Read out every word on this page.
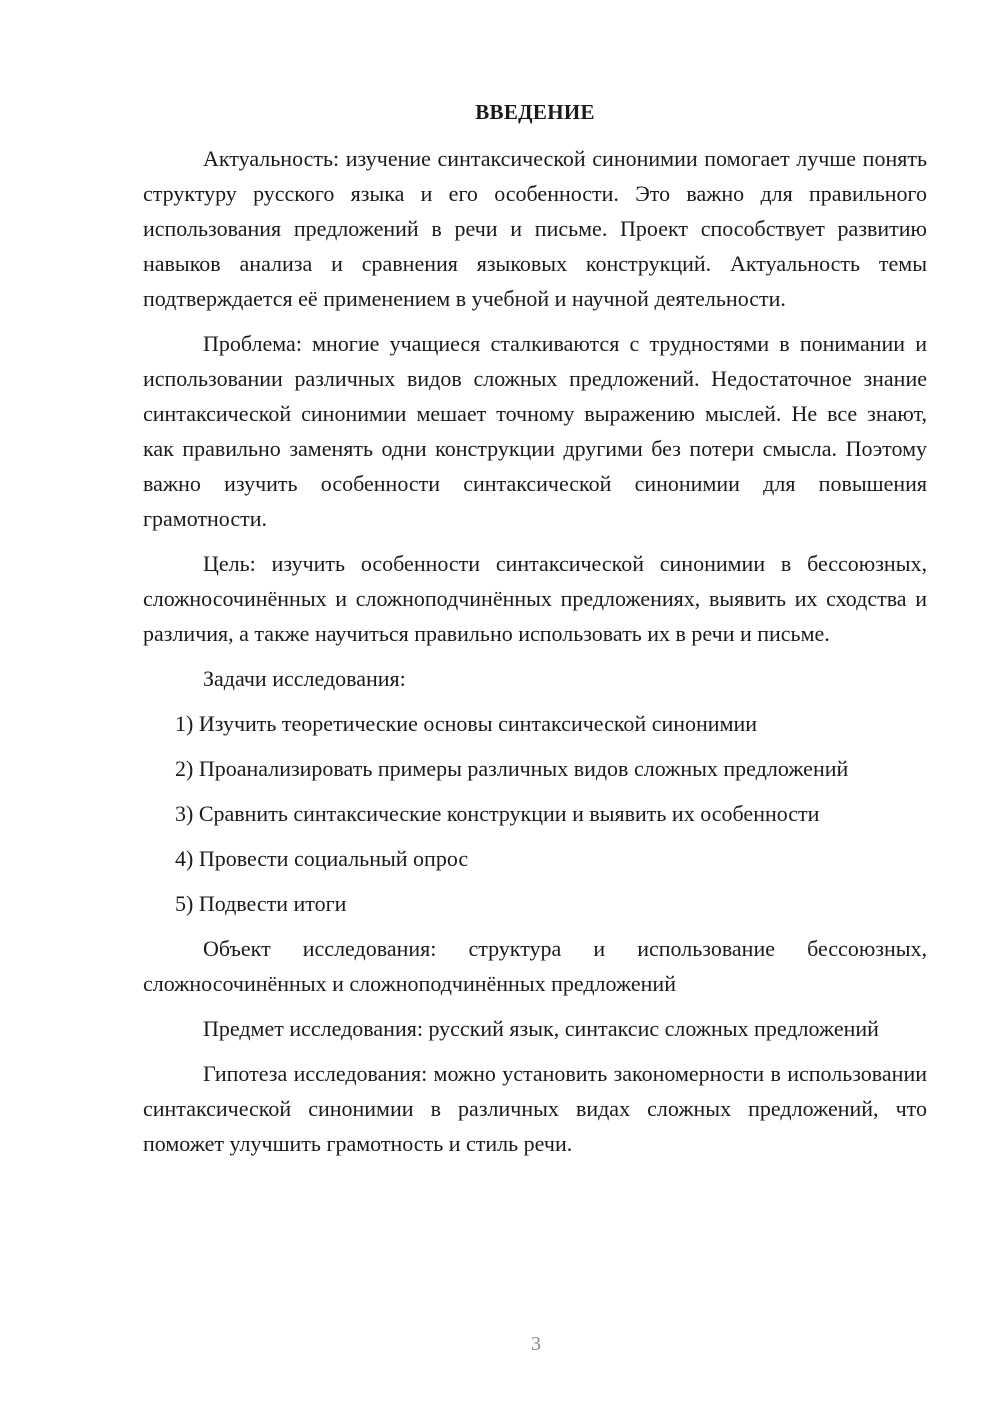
ВВЕДЕНИЕ

Актуальность: изучение синтаксической синонимии помогает лучше понять структуру русского языка и его особенности. Это важно для правильного использования предложений в речи и письме. Проект способствует развитию навыков анализа и сравнения языковых конструкций. Актуальность темы подтверждается её применением в учебной и научной деятельности.

Проблема: многие учащиеся сталкиваются с трудностями в понимании и использовании различных видов сложных предложений. Недостаточное знание синтаксической синонимии мешает точному выражению мыслей. Не все знают, как правильно заменять одни конструкции другими без потери смысла. Поэтому важно изучить особенности синтаксической синонимии для повышения грамотности.

Цель: изучить особенности синтаксической синонимии в бессоюзных, сложносочинённых и сложноподчинённых предложениях, выявить их сходства и различия, а также научиться правильно использовать их в речи и письме.

Задачи исследования:

1) Изучить теоретические основы синтаксической синонимии

2) Проанализировать примеры различных видов сложных предложений

3) Сравнить синтаксические конструкции и выявить их особенности

4) Провести социальный опрос

5) Подвести итоги

Объект исследования: структура и использование бессоюзных, сложносочинённых и сложноподчинённых предложений

Предмет исследования: русский язык, синтаксис сложных предложений

Гипотеза исследования: можно установить закономерности в использовании синтаксической синонимии в различных видах сложных предложений, что поможет улучшить грамотность и стиль речи.

3
